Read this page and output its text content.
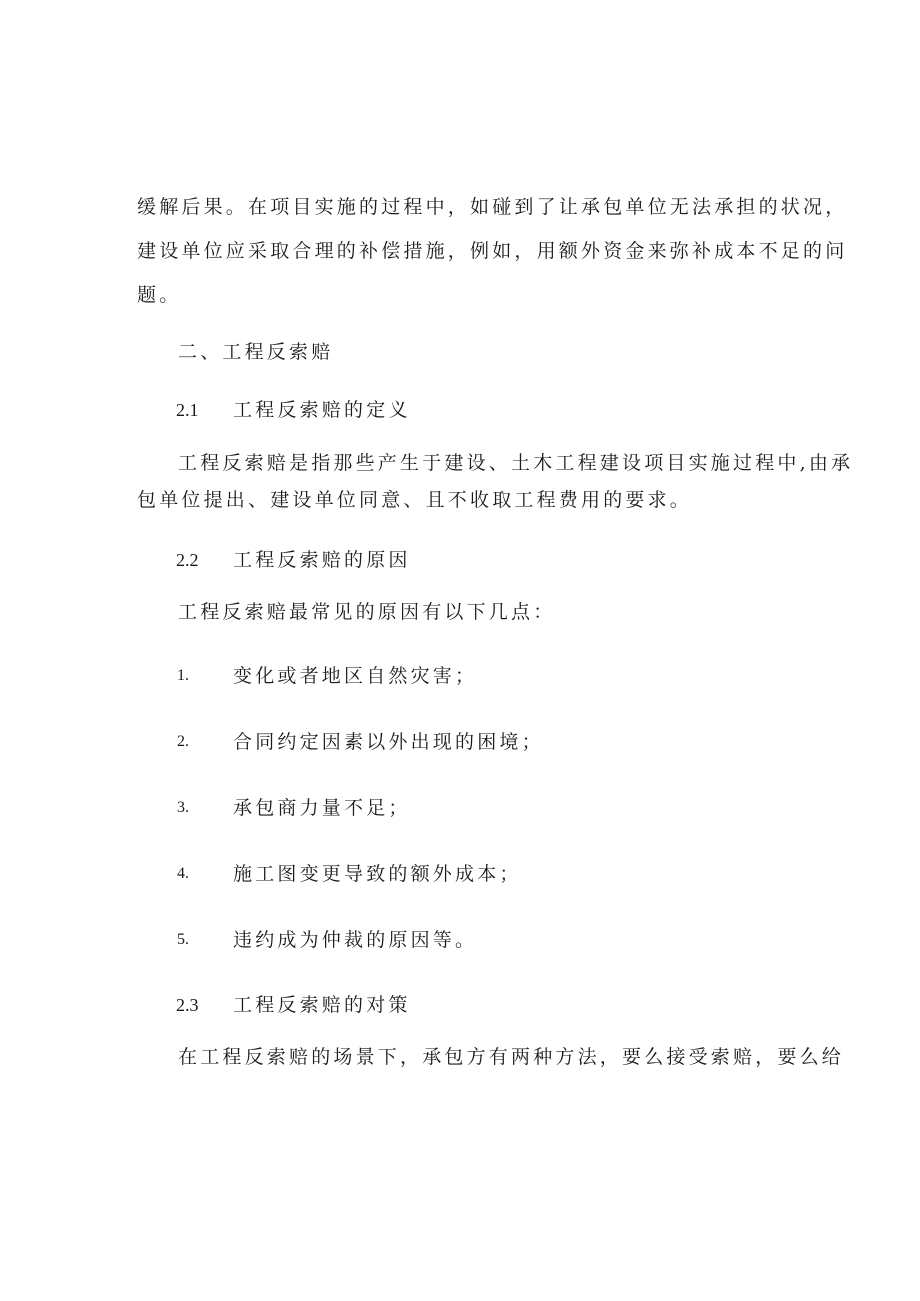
缓解后果。在项目实施的过程中，如碰到了让承包单位无法承担的状况，
建设单位应采取合理的补偿措施，例如，用额外资金来弥补成本不足的问
题。
二、工程反索赔
2.1 工程反索赔的定义
工程反索赔是指那些产生于建设、土木工程建设项目实施过程中,由承
包单位提出、建设单位同意、且不收取工程费用的要求。
2.2 工程反索赔的原因
工程反索赔最常见的原因有以下几点：
1. 变化或者地区自然灾害；
2. 合同约定因素以外出现的困境；
3. 承包商力量不足；
4. 施工图变更导致的额外成本；
5. 违约成为仲裁的原因等。
2.3 工程反索赔的对策
在工程反索赔的场景下，承包方有两种方法，要么接受索赔，要么给
